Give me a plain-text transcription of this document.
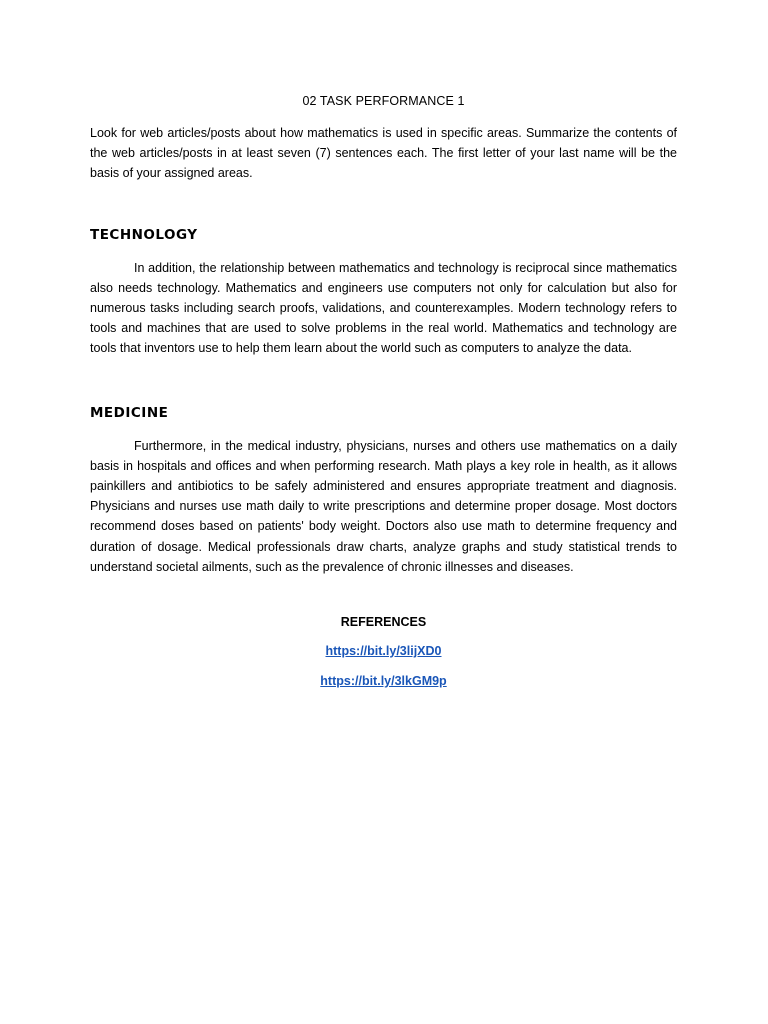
02 TASK PERFORMANCE 1

Look for web articles/posts about how mathematics is used in specific areas. Summarize the contents of the web articles/posts in at least seven (7) sentences each. The first letter of your last name will be the basis of your assigned areas.

TECHNOLOGY

In addition, the relationship between mathematics and technology is reciprocal since mathematics also needs technology. Mathematics and engineers use computers not only for calculation but also for numerous tasks including search proofs, validations, and counterexamples. Modern technology refers to tools and machines that are used to solve problems in the real world. Mathematics and technology are tools that inventors use to help them learn about the world such as computers to analyze the data.

MEDICINE

Furthermore, in the medical industry, physicians, nurses and others use mathematics on a daily basis in hospitals and offices and when performing research. Math plays a key role in health, as it allows painkillers and antibiotics to be safely administered and ensures appropriate treatment and diagnosis. Physicians and nurses use math daily to write prescriptions and determine proper dosage. Most doctors recommend doses based on patients' body weight. Doctors also use math to determine frequency and duration of dosage. Medical professionals draw charts, analyze graphs and study statistical trends to understand societal ailments, such as the prevalence of chronic illnesses and diseases.

REFERENCES

https://bit.ly/3lijXD0
https://bit.ly/3lkGM9p
